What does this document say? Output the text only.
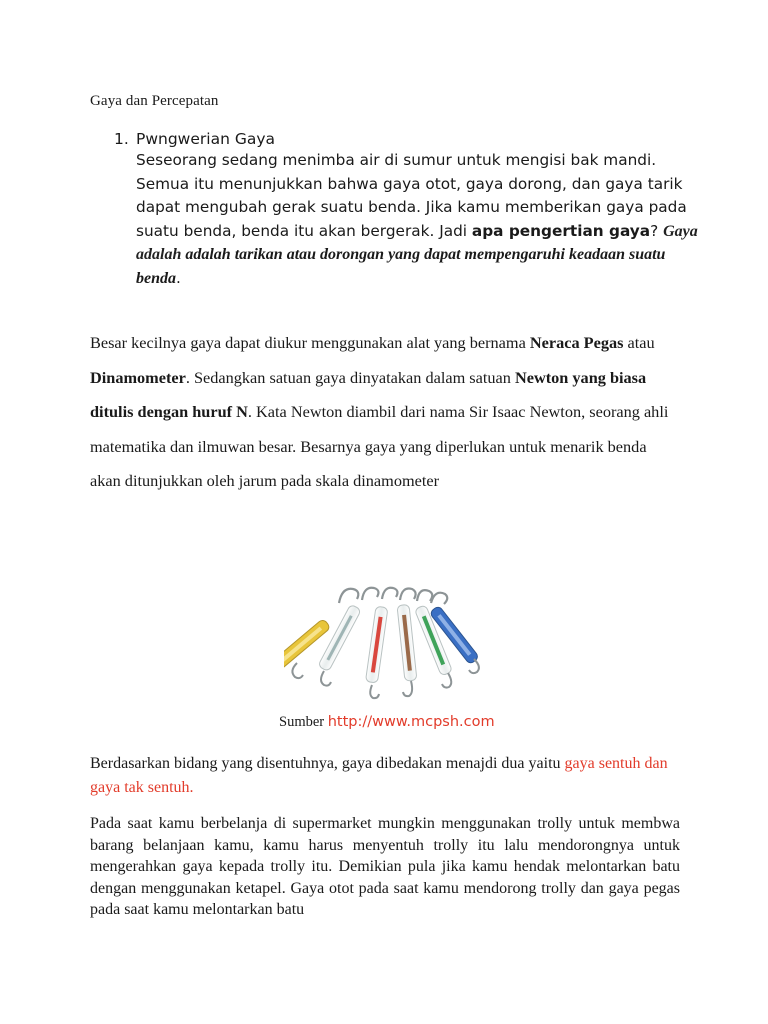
Gaya dan Percepatan
1. Pwngwerian Gaya
Seseorang sedang menimba air di sumur untuk mengisi bak mandi. Semua itu menunjukkan bahwa gaya otot, gaya dorong, dan gaya tarik dapat mengubah gerak suatu benda. Jika kamu memberikan gaya pada suatu benda, benda itu akan bergerak. Jadi apa pengertian gaya? Gaya adalah adalah tarikan atau dorongan yang dapat mempengaruhi keadaan suatu benda.
Besar kecilnya gaya dapat diukur menggunakan alat yang bernama Neraca Pegas atau Dinamometer. Sedangkan satuan gaya dinyatakan dalam satuan Newton yang biasa ditulis dengan huruf N. Kata Newton diambil dari nama Sir Isaac Newton, seorang ahli matematika dan ilmuwan besar. Besarnya gaya yang diperlukan untuk menarik benda akan ditunjukkan oleh jarum pada skala dinamometer
Sumber http://www.mcpsh.com
Berdasarkan bidang yang disentuhnya, gaya dibedakan menajdi dua yaitu gaya sentuh dan gaya tak sentuh.
Pada saat kamu berbelanja di supermarket mungkin menggunakan trolly untuk membwa barang belanjaan kamu, kamu harus menyentuh trolly itu lalu mendorongnya untuk mengerahkan gaya kepada trolly itu. Demikian pula jika kamu hendak melontarkan batu dengan menggunakan ketapel. Gaya otot pada saat kamu mendorong trolly dan gaya pegas pada saat kamu melontarkan batu
